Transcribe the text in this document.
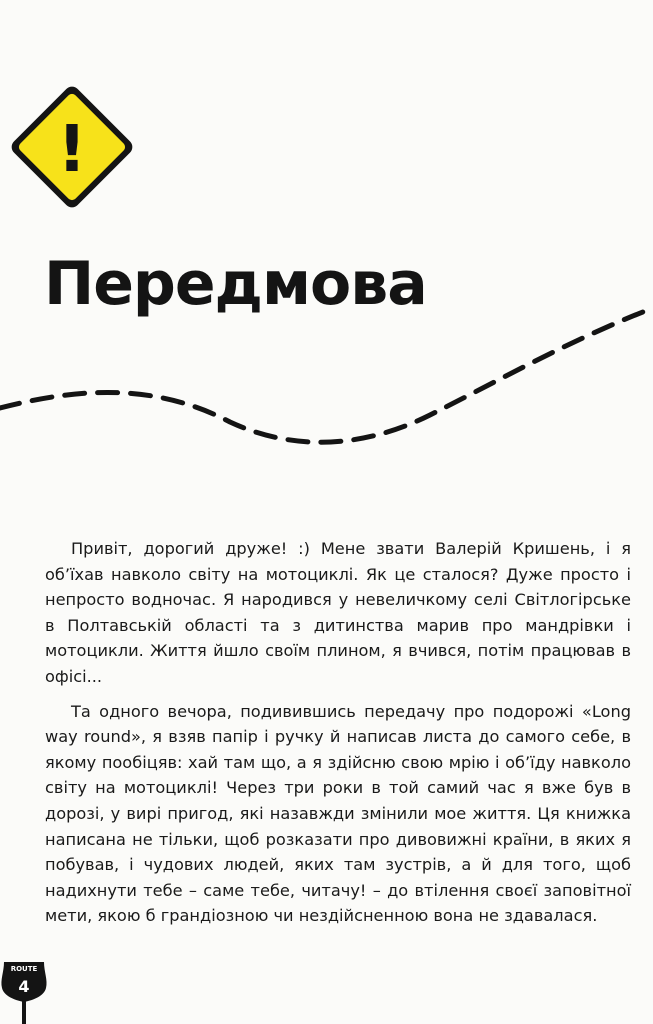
!
Передмова

Привіт, дорогий друже! :) Мене звати Валерій Кришень, і я об’їхав навколо світу на мотоциклі. Як це сталося? Дуже просто і непросто водночас. Я народився у невеличкому селі Світлогірське в Полтавській області та з дитинства марив про мандрівки і мотоцикли. Життя йшло своїм плином, я вчився, потім працював в офісі...

Та одного вечора, подивившись передачу про подорожі «Long way round», я взяв папір і ручку й написав листа до самого себе, в якому пообіцяв: хай там що, а я здійсню свою мрію і об’їду навколо світу на мотоциклі! Через три роки в той самий час я вже був в дорозі, у вирі пригод, які назавжди змінили мое життя. Ця книжка написана не тільки, щоб розказати про дивовижні країни, в яких я побував, і чудових людей, яких там зустрів, а й для того, щоб надихнути тебе – саме тебе, читачу! – до втілення своєї заповітної мети, якою б грандіозною чи нездійсненною вона не здавалася.

ROUTE
4
